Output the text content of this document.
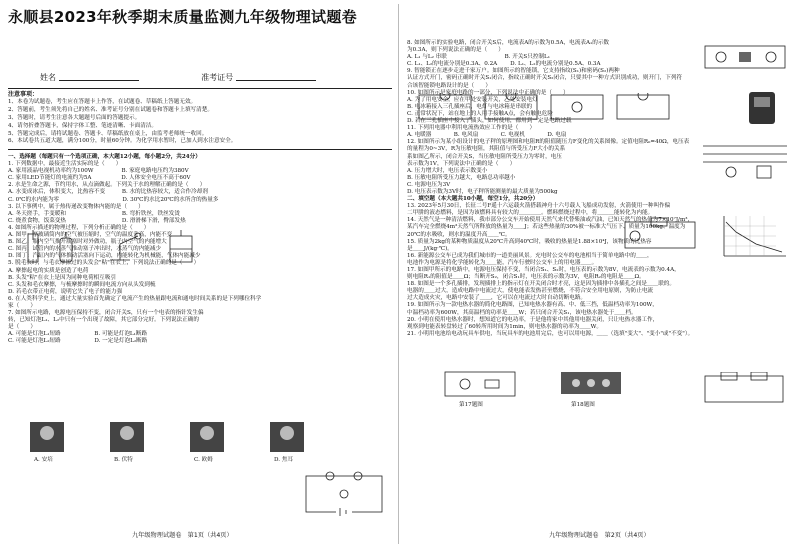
永顺县2023年秋季期末质量监测九年级物理试题卷
姓名	准考证号
注意事项：
1、本卷为试题卷，考生应在答题卡上作答，在试题卷、草稿纸上答题无效。
2、答题前，考生须先将自己的姓名、准考证号分别在试题卷和答题卡上填写清楚。
3、答题时，请考生注意各大题题号后面的答题提示。
4、请勿折叠答题卡，保持字体工整、笔迹清晰、卡面清洁。
5、答题完成后，请将试题卷、答题卡、草稿纸放在桌上，由监考老师统一收回。
6、本试卷共五道大题，满分100分，时量60分钟。为化学用水暂时，已加人到水注意安全。
一、选择题（每题只有一个选项正确，本大题12小题，每小题2分，共24分）
1. 下列数据中，最接近生活实际的是（　　）
A. 家用液晶电视机功率约为100W　　　　　B. 家庭电路电压约为380V
C. 家用LED节能灯的电流约为5A　　　　　 D. 人体安全电压不高于60V
2. 水是生命之源，节约用水，从点滴做起。下列关于水的理解正确的是（　　）
A. 水变成冰后，体积变大，比热容不变　　　B. 水的比热容较大，适合作冷却剂
C. 0℃的水内能为零　　　　　　　　　　　 D. 30℃的水比20℃的水所含的热量多
3. 以下事例中，属于热传递改变物体内能的是（　　）
A. 冬天搓手，手变暖和　　　　　　　　　　B. 弯折铁丝，铁丝发烫
C. 烧煮食物，饭菜变热　　　　　　　　　　D. 滑滑梯下滑，臀部发热
4. 如图所示描述的物理过程，下列分析正确的是（　　）
A. 图甲：厚玻璃筒内的空气被压缩时，空气的温度升高，内能不变
B. 图乙：瓶内空气推开瓶塞时对外做功，瓶子内空气的内能增大
C. 图丙：试管内的水蒸气推动塞子冲出时，水蒸气的内能减少
D. 图丁：汽缸内的气体推动活塞向下运动，内能转化为机械能，气体内能减少
5. 脱毛衣时，与毛衣摩擦过的头发会"粘"在衣上，下列说法正确的是（　　）
A. 摩擦起电的实质是创造了电荷
B. 头发"粘"在衣上是因为同种电荷相互吸引
C. 头发和毛衣摩擦，与梳摩擦时的瞬间电流方向从头发到梳
D. 若毛衣带正电荷，说明它失了电子的能力强
6. 在人类科学史上，通过大量实验首先确定了电流产生的热量跟电流和通电时间关系的是下列哪位科学
家（　　）
7. 如图所示电路，电源电压保持不变，闭合开关S，只有一个电表的指针发生偏
转，已知灯泡L₁、L₂中只有一个出现了故障，其它部分完好。下列说法正确的
是（　　）
A. 可能是灯泡L₁短路　　　　　　B. 可能是灯泡L₁断路
C. 可能是灯泡L₂短路　　　　　　D. 一定是灯泡L₂断路
A. 安培	B. 伏特	C. 欧姆	D. 焦耳
九年级物理试题卷　第1页（共4页）
8. 如图所示的实验电路，闭合开关S后，电流表A的示数为0.5A，电流表A₁的示数
为0.3A，则下列说法正确的是（　　）
A. L₁ 与L₂ 串联　　　　　　　　　　 B. 开关S只控制L₁
C. L₁、L₂的电流分别是0.3A、0.2A　　 D. L₁、L₂的电流分别是0.5A、0.3A
9. 智能锁正在逐步走进千家万户。如图所示的智能锁，它支持指纹(S₁)和密码(S₂)两种
认证方式开门，密码正确时开关S₁闭合，指纹正确时开关S₂闭合，只要其中一种方式识别成功，则开门，下列符
合该智能锁电路设计的是（　　）
10. 如图所示是家庭电路的一部分，下列说法中正确的是（　　）
A. 为了用电安全，应在甲处安装开关，乙处安装电灯
B. 电冰箱接入三孔插座后，电灯与电冰箱是串联的
C. 正常状况下，站在地上的人用手接触A点，会有触电危险
D. 若在三孔插座中接入了插头，如何使用，都用到一定是电路过载
11. 下列用电器中利用电流热效应工作的是（　　）
A. 电暖器　　　　B. 电风扇　　　　C. 电视机　　　　D. 电扇
12. 如图所示为某小组设计的电子秤的原理图和电阻R的阻值随压力F变化的关系图像。定值电阻R₀=40Ω，电压表
的量程为0~3V，R为压敏电阻，其阻值与所受压力F大小的关系
系如图乙所示，闭合开关S，当压敏电阻所受压力为零时，电压
表示数为1V，下列说法中正确的是（　　）
A. 压力增大时，电压表示数变小
B. 压敏电阻所受压力越大，电路总功率越小
C. 电源电压为3V
D. 电压表示数为3V时，电子秤所能测量的最大质量为500kg
二、填空题（本大题共10小题，每空1分，共20分）
13. 2023年5月30日，长征二号F遥十六运载火箭搭载神舟十六号载人飞船成功发射，火箭使用一种叫作偏
二甲肼的液态燃料，是因为该燃料具有较大的＿＿＿＿。燃料燃烧过程中，将＿＿＿能转化为内能。
14. 天然气是一种清洁燃料，我市部分公交车开始使用天然气来代替柴油或汽油，已知天然气的热值为7×10⁷J/m³，
某汽车完全燃烧4m³天然气所释放的热量为＿＿J；若这些热量的30%被一标准大气压下、质量为100kg、温度为
20℃的水吸收，则水的温度升高＿＿℃。
15. 质量为2kg的某种物质温度从20℃升高到40℃时，吸收的热量是1.88×10⁴J，该物质的比热容
是＿＿J/(kg·℃)。
16. 新能源公交车已成为我们城市的一道美丽风景。充电时公交车的电池相当于简单电路中的＿＿，
电池作为电源是将化学能转化为＿＿能，汽车行驶时公交车上的用电器＿＿。
17. 如图甲所示的电路中，电源电压保持不变，当闭合S₁、S₂时，电压表的示数为8V，电流表的示数为0.4A，
则电阻R₁的阻值是＿＿Ω；当断开S₂，闭合S₁时，电压表的示数为3V，电阻R₂的电阻是＿＿Ω。
18. 如图是一个多孔插排，发现插排上的指示灯在开关闭合时才亮，这是因为插排中各插孔之间是＿＿联的。
电器的＿＿过大，造成电路中电流过大，使电能表发热甚至燃烧，不符合安全用电原则，为防止电流
过大造成火灾，电路中安装了＿＿，它可以在电流过大时自动切断电路。
19. 如图所示为一款电热水器的简化电路图，已知电热水器有高、中、低三挡，低温档功率为100W，
中温档功率为600W，其高温档的功率是＿＿W；若只闭合开关S₁，该电热水器处于＿＿档。
20. 小明在使用电热水器时，想知道它的电功率，于是他将家中其他用电器关闭，只让电热水器工作，
观察到电能表转盘转过了60转所用时间为1min，则电热水器的功率为＿＿W。
21. 小明用电池给电动玩具车供电，当玩具车的电池用完后，也可以用电源，＿＿（选填"变大"、"变小"或"不变"）。
第17题图	第18题图
九年级物理试题卷　第2页（共4页）
